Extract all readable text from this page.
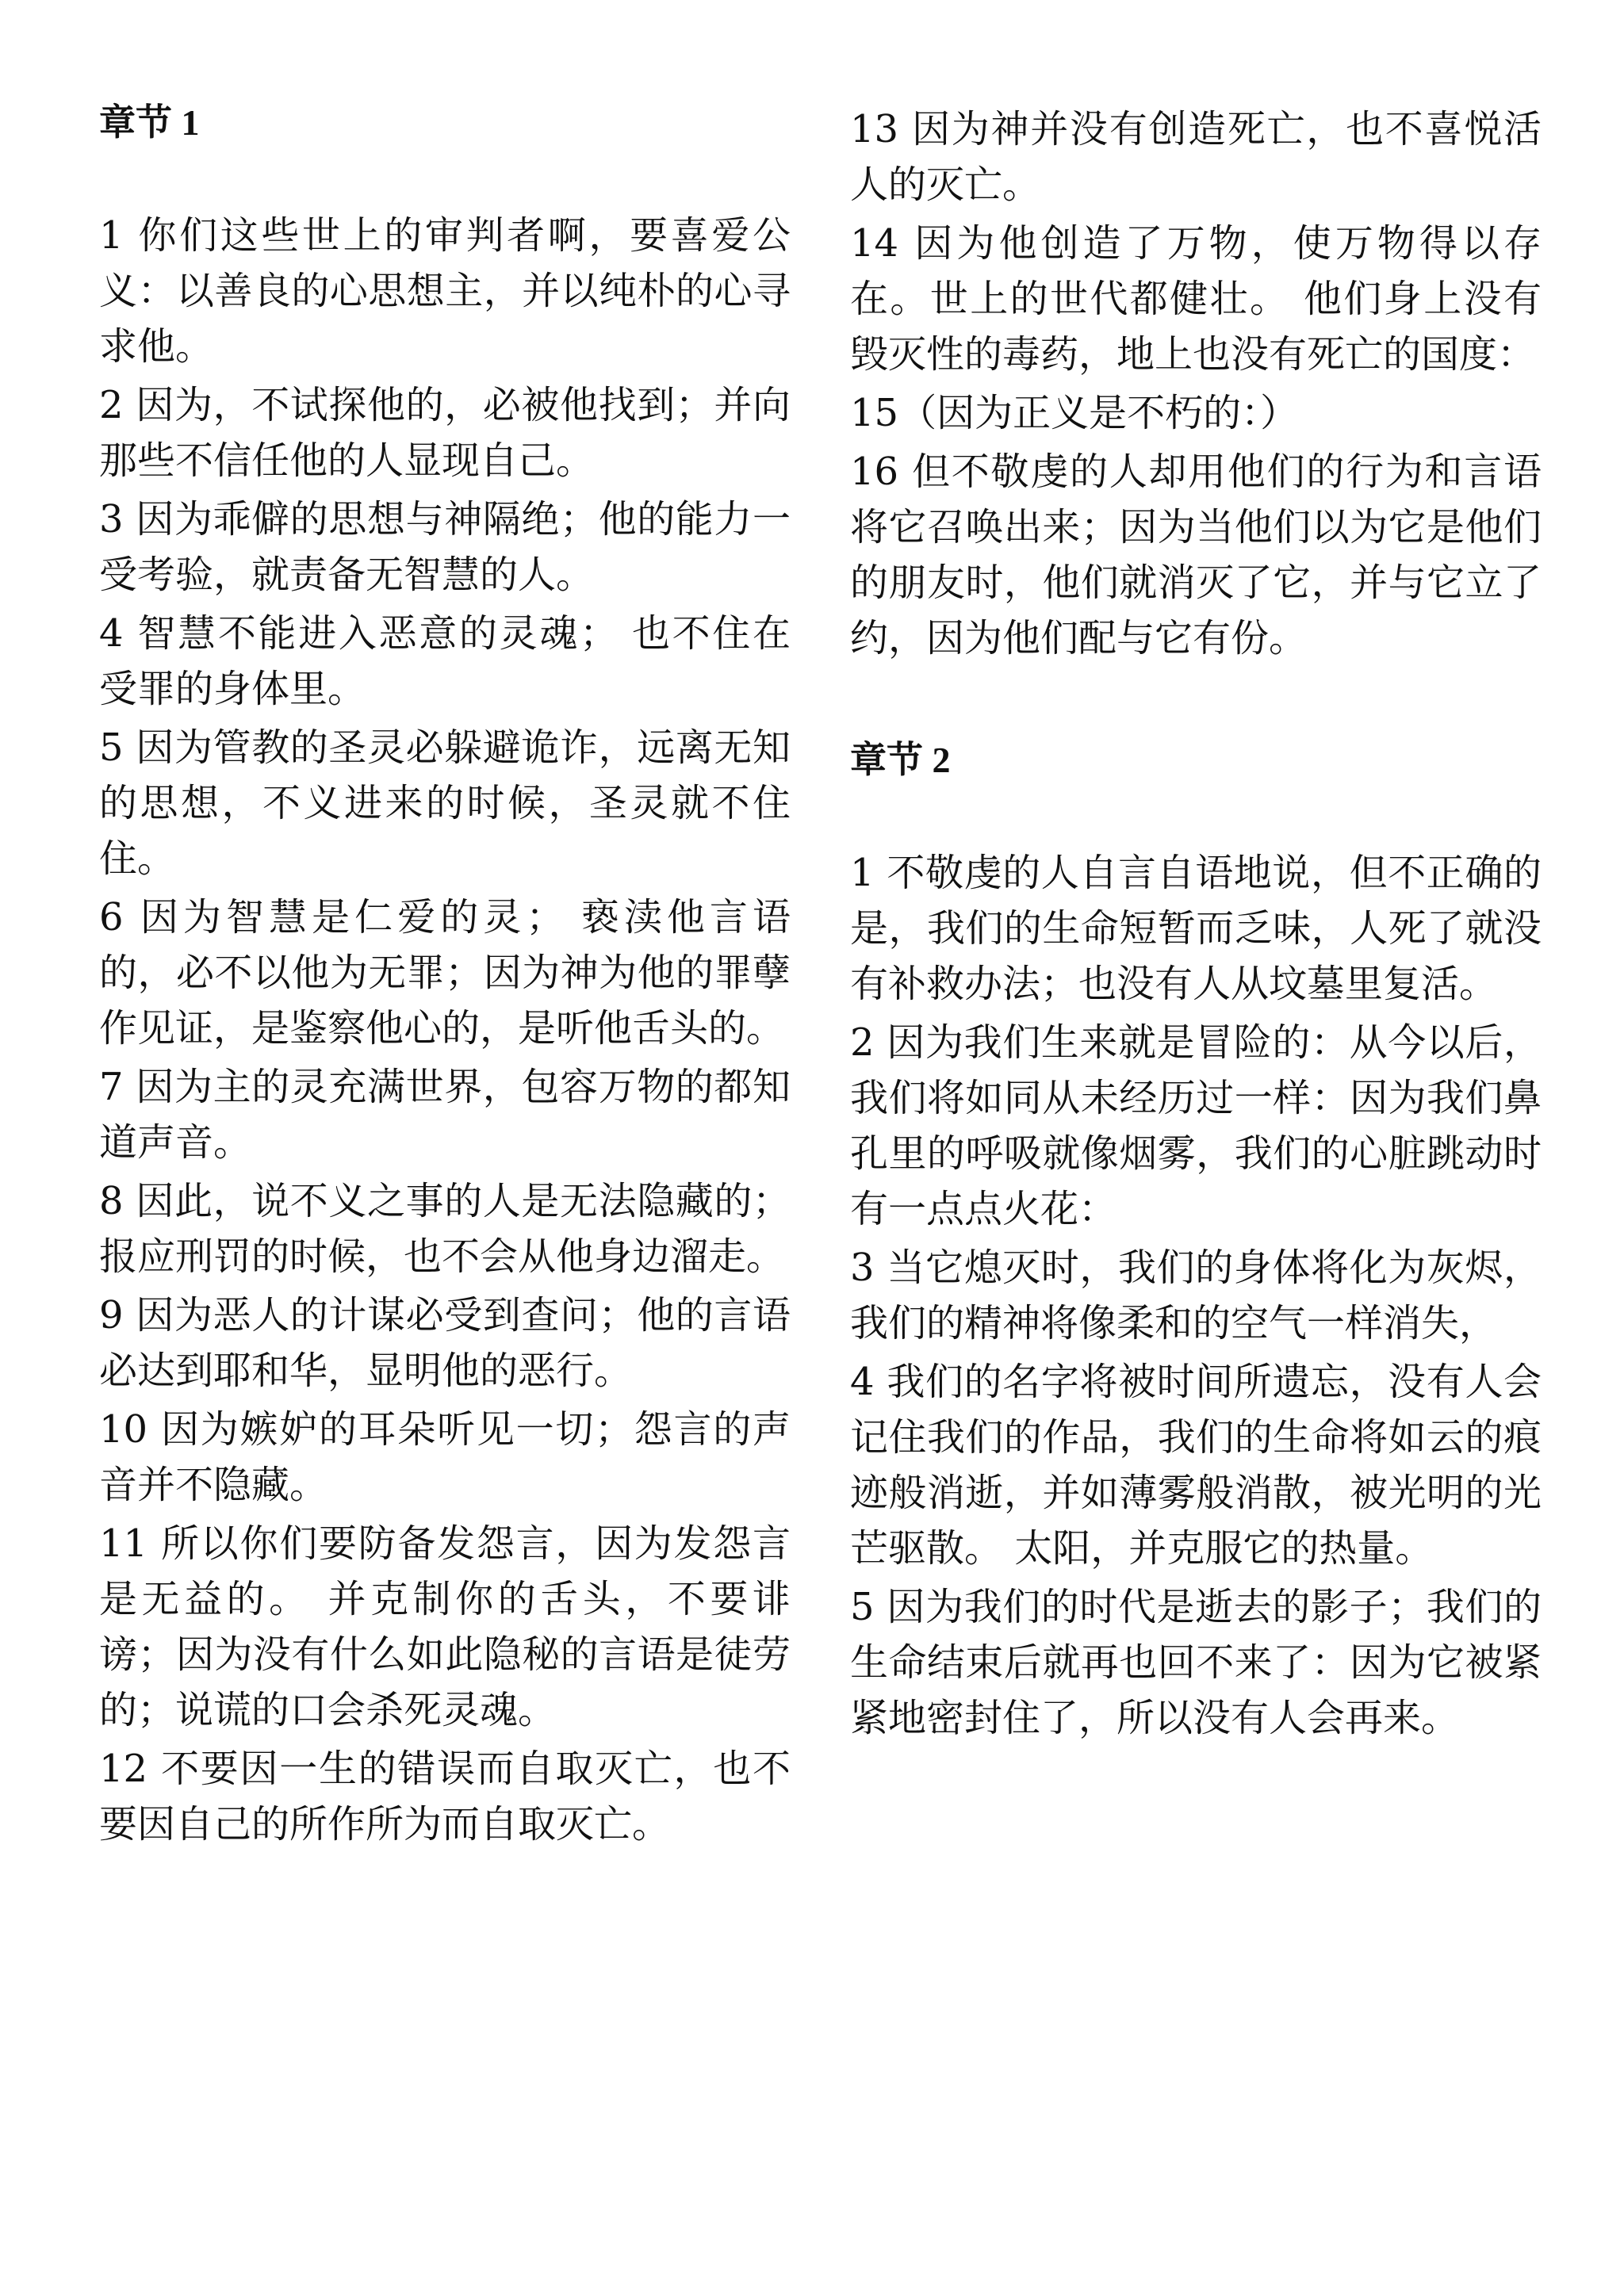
章节 1

1 你们这些世上的审判者啊，要喜爱公义：以善良的心思想主，并以纯朴的心寻求他。

2 因为，不试探他的，必被他找到；并向那些不信任他的人显现自己。

3 因为乖僻的思想与神隔绝；他的能力一受考验，就责备无智慧的人。

4 智慧不能进入恶意的灵魂； 也不住在受罪的身体里。

5 因为管教的圣灵必躲避诡诈，远离无知的思想，不义进来的时候，圣灵就不住住。

6 因为智慧是仁爱的灵； 亵渎他言语的，必不以他为无罪；因为神为他的罪孽作见证，是鉴察他心的，是听他舌头的。

7 因为主的灵充满世界，包容万物的都知道声音。

8 因此，说不义之事的人是无法隐藏的；报应刑罚的时候，也不会从他身边溜走。

9 因为恶人的计谋必受到查问；他的言语必达到耶和华，显明他的恶行。

10 因为嫉妒的耳朵听见一切；怨言的声音并不隐藏。

11 所以你们要防备发怨言，因为发怨言是无益的。 并克制你的舌头，不要诽谤；因为没有什么如此隐秘的言语是徒劳的；说谎的口会杀死灵魂。

12 不要因一生的错误而自取灭亡，也不要因自己的所作所为而自取灭亡。

13 因为神并没有创造死亡，也不喜悦活人的灭亡。

14 因为他创造了万物，使万物得以存在。世上的世代都健壮。 他们身上没有毁灭性的毒药，地上也没有死亡的国度：

15（因为正义是不朽的：）

16 但不敬虔的人却用他们的行为和言语将它召唤出来；因为当他们以为它是他们的朋友时，他们就消灭了它，并与它立了约，因为他们配与它有份。

章节 2

1 不敬虔的人自言自语地说，但不正确的是，我们的生命短暂而乏味，人死了就没有补救办法；也没有人从坟墓里复活。

2 因为我们生来就是冒险的：从今以后，我们将如同从未经历过一样：因为我们鼻孔里的呼吸就像烟雾，我们的心脏跳动时有一点点火花：

3 当它熄灭时，我们的身体将化为灰烬，我们的精神将像柔和的空气一样消失，

4 我们的名字将被时间所遗忘，没有人会记住我们的作品，我们的生命将如云的痕迹般消逝，并如薄雾般消散，被光明的光芒驱散。 太阳，并克服它的热量。

5 因为我们的时代是逝去的影子；我们的生命结束后就再也回不来了：因为它被紧紧地密封住了，所以没有人会再来。
